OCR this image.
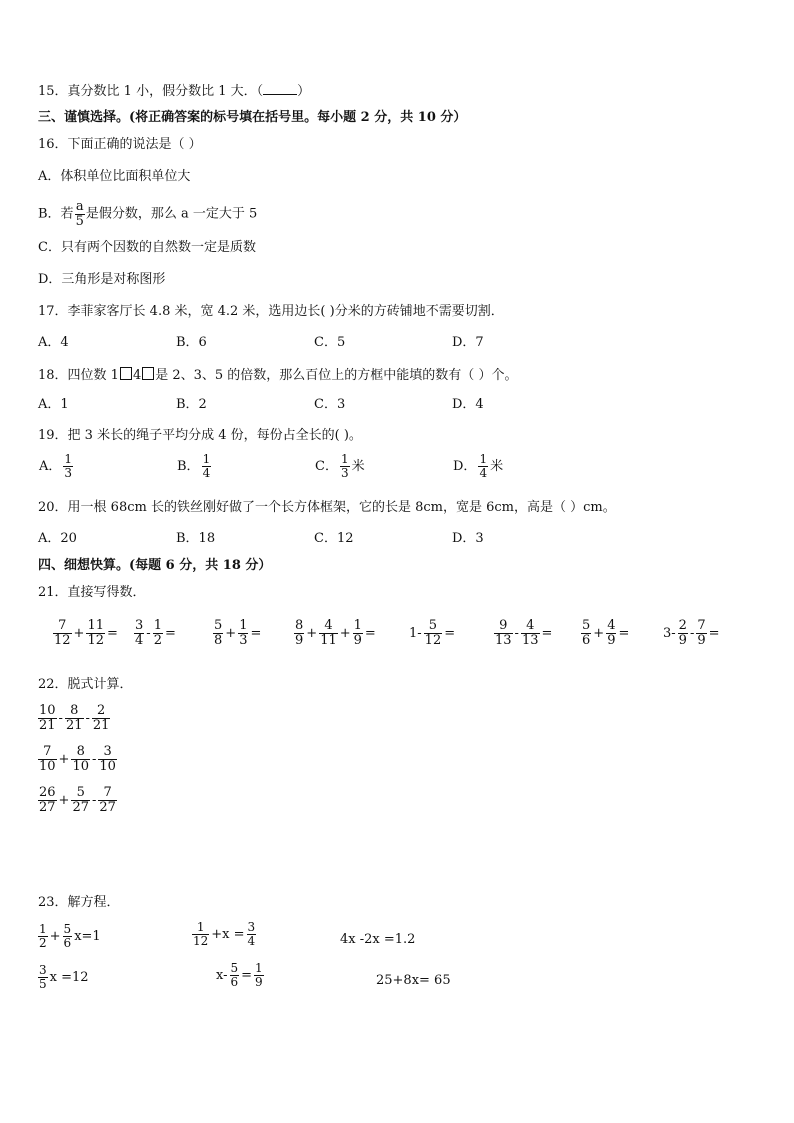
15．真分数比 1 小，假分数比 1 大．（	）
三、谨慎选择。(将正确答案的标号填在括号里。每小题 2 分，共 10 分）
16．下面正确的说法是（ ）
A．体积单位比面积单位大
B．若 $\frac{a}{5}$ 是假分数，那么 a 一定大于 5
C．只有两个因数的自然数一定是质数
D．三角形是对称图形
17．李菲家客厅长 4.8 米，宽 4.2 米，选用边长( )分米的方砖铺地不需要切割．
A．4	B．6	C．5	D．7
18．四位数 1 4 是 2、3、5 的倍数，那么百位上的方框中能填的数有（ ）个。
A．1	B．2	C．3	D．4
19．把 3 米长的绳子平均分成 4 份，每份占全长的( )。
A． $\frac{1}{3}$	B． $\frac{1}{4}$	C． $\frac{1}{3}$ 米	D． $\frac{1}{4}$ 米
20．用一根 68cm 长的铁丝刚好做了一个长方体框架，它的长是 8cm，宽是 6cm，高是（ ）cm。
A．20	B．18	C．12	D．3
四、细想快算。(每题 6 分，共 18 分）
21．直接写得数．
$\frac{7}{12} + \frac{11}{12} = \frac{3}{4} - \frac{1}{2}$ =	$\frac{5}{8} + \frac{1}{3}$ =	$\frac{8}{9} + \frac{4}{11} + \frac{1}{9}$ =	$1- \frac{5}{12}$ =	$\frac{9}{13} - \frac{4}{13} = \frac{5}{6} + \frac{4}{9}$ =	$3- \frac{2}{9} - \frac{7}{9}$ =
22．脱式计算．
$\frac{10}{21} - \frac{8}{21} - \frac{2}{21}$
$\frac{7}{10} + \frac{8}{10} - \frac{3}{10}$
$\frac{26}{27} + \frac{5}{27} - \frac{7}{27}$
23．解方程．
$\frac{1}{2} + \frac{5}{6} x=1$	$\frac{1}{12} +x = \frac{3}{4}$	4x -2x =1.2
$\frac{3}{5}$ x =12	$x- \frac{5}{6} = \frac{1}{9}$	25+8x= 65
